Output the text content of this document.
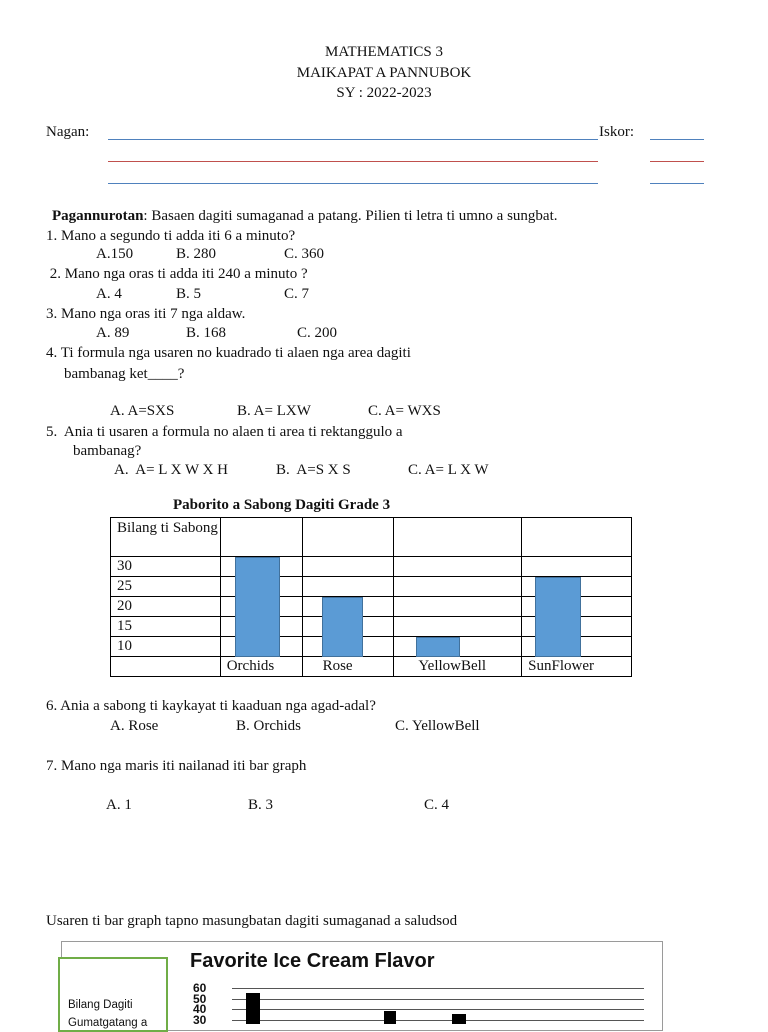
MATHEMATICS 3
MAIKAPAT A PANNUBOK
SY : 2022-2023
Nagan:	Iskor:
Pagannurotan: Basaen dagiti sumaganad a patang. Pilien ti letra ti umno a sungbat.
1. Mano a segundo ti adda iti 6 a minuto?
A.150	B. 280	C. 360
2. Mano nga oras ti adda iti 240 a minuto ?
A. 4	B. 5	C. 7
3. Mano nga oras iti 7 nga aldaw.
A. 89	B. 168	C. 200
4. Ti formula nga usaren no kuadrado ti alaen nga area dagiti
bambanag ket____?
A. A=SXS	B. A= LXW	C. A= WXS
5.  Ania ti usaren a formula no alaen ti area ti rektanggulo a
bambanag?
A.  A= L X W X H	B.  A=S X S	C. A= L X W
Paborito a Sabong Dagiti Grade 3
Bilang ti Sabong				
30				
25				
20				
15				
10				
	Orchids	Rose	YellowBell	SunFlower
6. Ania a sabong ti kaykayat ti kaaduan nga agad-adal?
A. Rose	B. Orchids	C. YellowBell
7. Mano nga maris iti nailanad iti bar graph
A. 1	B. 3	C. 4
Usaren ti bar graph tapno masungbatan dagiti sumaganad a saludsod
Bilang Dagiti Gumatgatang a
Favorite Ice Cream Flavor
60
50
40
30
